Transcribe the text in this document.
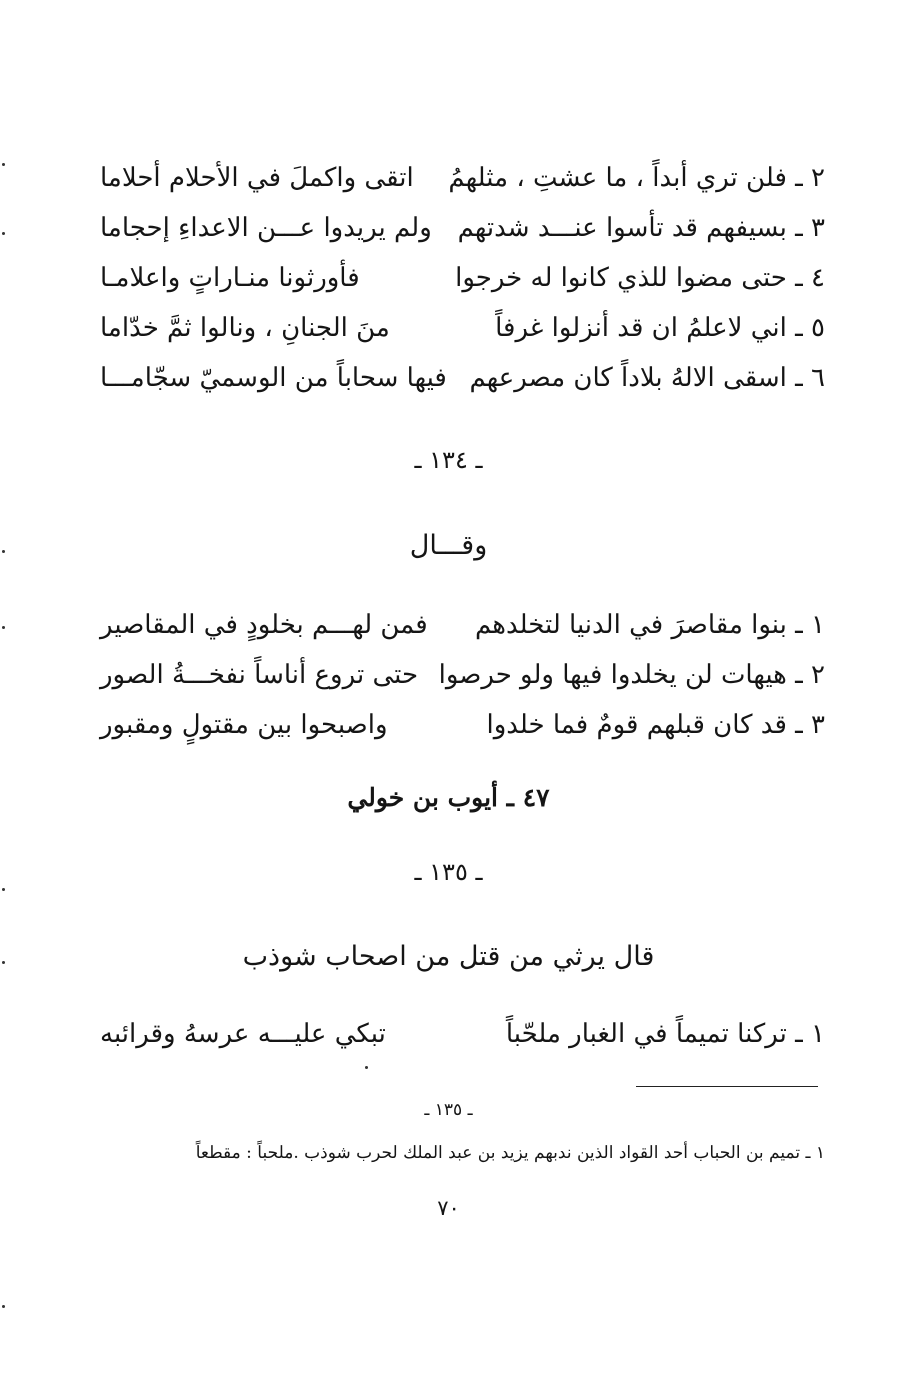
٢ ـ فلن تري أبداً ، ما عشتِ ، مثلهمُ
اتقى واكملَ في الأحلام أحلاما
٣ ـ بسيفهم قد تأسوا عنـــد شدتهم
ولم يريدوا عـــن الاعداءِ إحجاما
٤ ـ حتى مضوا للذي كانوا له خرجوا
فأورثونا منـاراتٍ واعلامـا
٥ ـ اني لاعلمُ ان قد أنزلوا غرفاً
منَ الجنانِ ، ونالوا ثمَّ خدّاما
٦ ـ اسقى الالهُ بلاداً كان مصرعهم
فيها سحاباً من الوسميّ سجّامـــا
ـ ١٣٤ ـ
وقـــال
١ ـ بنوا مقاصرَ في الدنيا لتخلدهم
فمن لهـــم بخلودٍ في المقاصير
٢ ـ هيهات لن يخلدوا فيها ولو حرصوا
حتى تروع أناساً نفخـــةُ الصور
٣ ـ قد كان قبلهم قومٌ فما خلدوا
واصبحوا بين مقتولٍ ومقبور
٤٧ ـ أيوب بن خولي
ـ ١٣٥ ـ
قال يرثي من قتل من اصحاب شوذب
١ ـ تركنا تميماً في الغبار ملحّباً
تبكي عليـــه عرسهُ وقرائبه
ـ ١٣٥ ـ
١ ـ تميم بن الحباب أحد القواد الذين ندبهم يزيد بن عبد الملك لحرب شوذب .ملحباً : مقطعاً
٧٠
